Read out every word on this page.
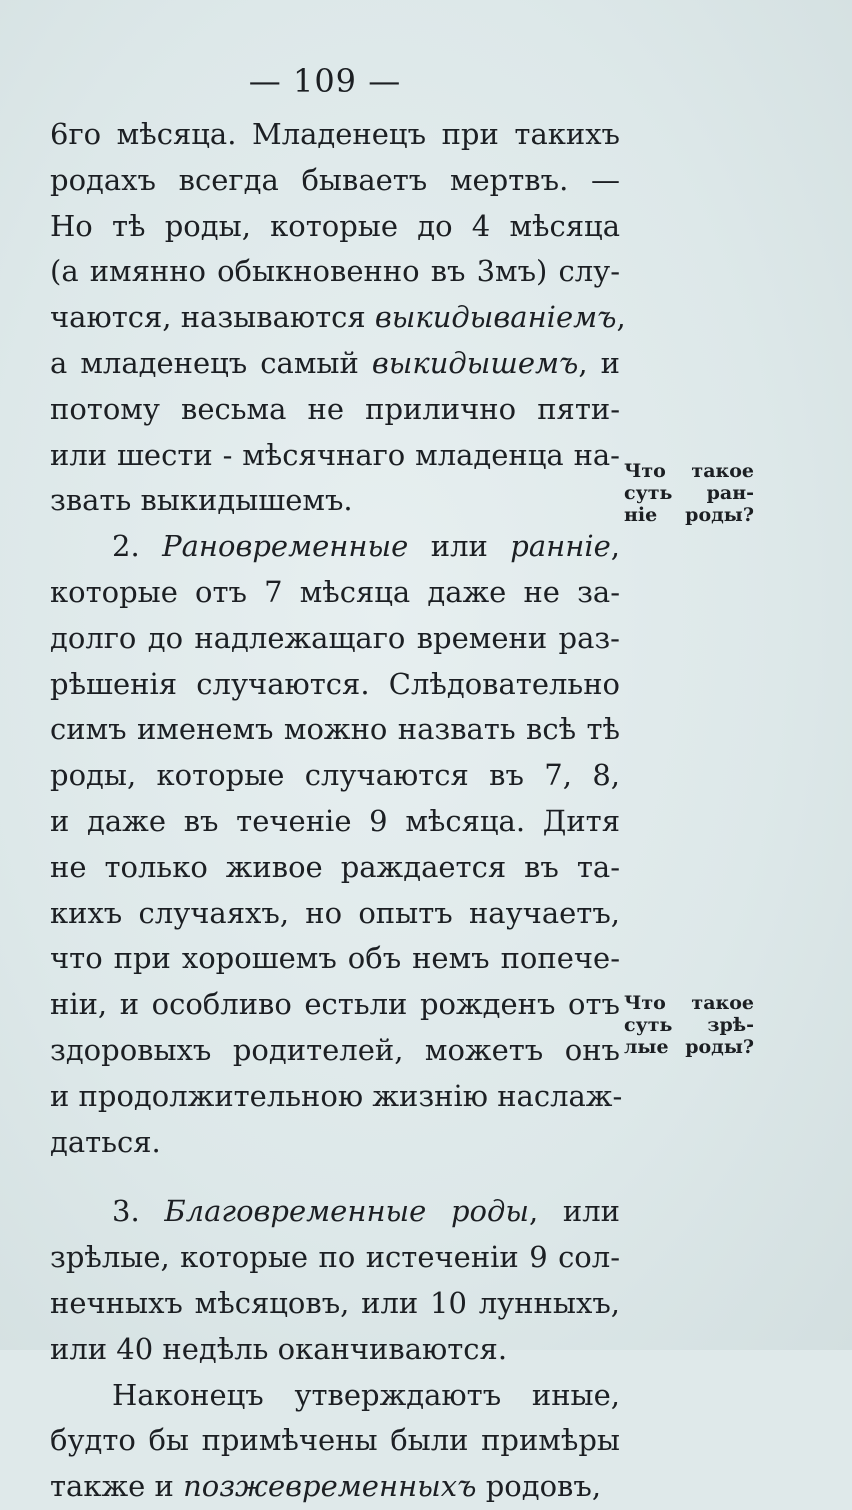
— 109 —
6го мѣсяца. Младенецъ при такихъ
родахъ всегда бываетъ мертвъ. —
Но тѣ роды, которые до 4 мѣсяца
(а имянно обыкновенно въ 3мъ) слу-
чаются, называются выкидываніемъ,
а младенецъ самый выкидышемъ, и
потому весьма не прилично пяти-
или шести - мѣсячнаго младенца на-
звать выкидышемъ.
2. Рановременные или ранніе,
которые отъ 7 мѣсяца даже не за-
долго до надлежащаго времени раз-
рѣшенія случаются. Слѣдовательно
симъ именемъ можно назвать всѣ тѣ
роды, которые случаются въ 7, 8,
и даже въ теченіе 9 мѣсяца. Дитя
не только живое раждается въ та-
кихъ случаяхъ, но опытъ научаетъ,
что при хорошемъ объ немъ попече-
ніи, и особливо естьли рожденъ отъ
здоровыхъ родителей, можетъ онъ
и продолжительною жизнію наслаж-
даться.
3. Благовременные роды, или
зрѣлые, которые по истеченіи 9 сол-
нечныхъ мѣсяцовъ, или 10 лунныхъ,
или 40 недѣль оканчиваются.
Наконецъ утверждаютъ иные,
будто бы примѣчены были примѣры
также и позжевременныхъ родовъ,
Что такое
суть ран-
ніе роды?
Что такое
суть зрѣ-
лые роды?
